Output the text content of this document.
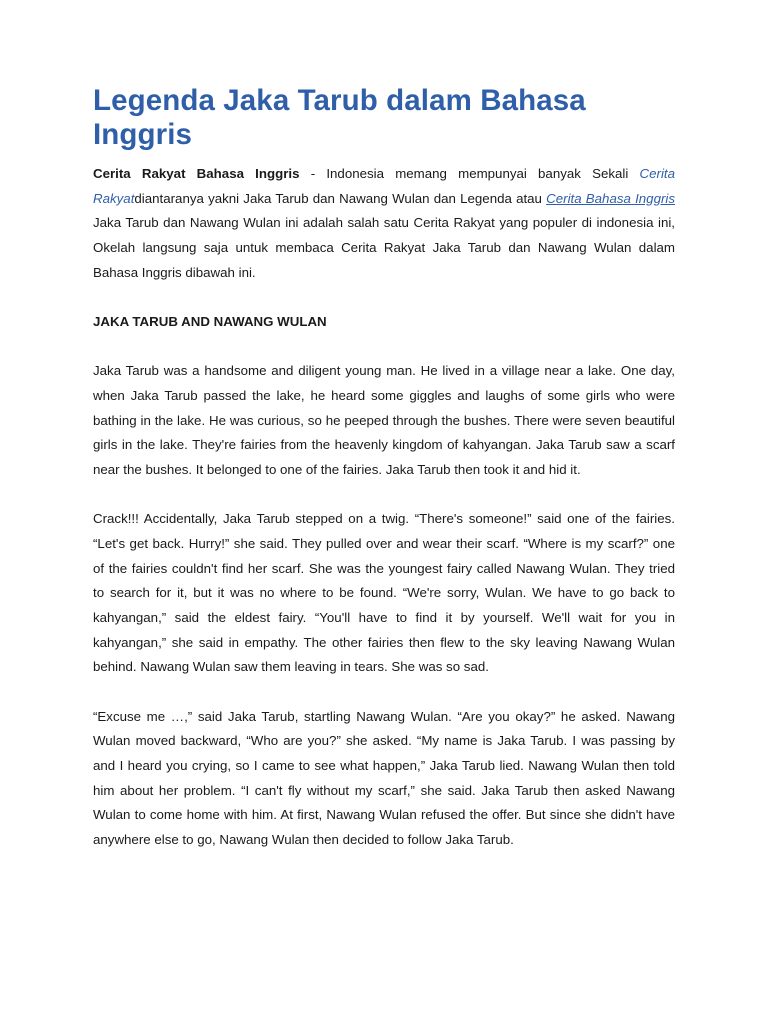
Legenda Jaka Tarub dalam Bahasa Inggris

Cerita Rakyat Bahasa Inggris - Indonesia memang mempunyai banyak Sekali Cerita Rakyatdiantaranya yakni Jaka Tarub dan Nawang Wulan dan Legenda atau Cerita Bahasa Inggris Jaka Tarub dan Nawang Wulan ini adalah salah satu Cerita Rakyat yang populer di indonesia ini, Okelah langsung saja untuk membaca Cerita Rakyat Jaka Tarub dan Nawang Wulan dalam Bahasa Inggris dibawah ini.

JAKA TARUB AND NAWANG WULAN

Jaka Tarub was a handsome and diligent young man. He lived in a village near a lake. One day, when Jaka Tarub passed the lake, he heard some giggles and laughs of some girls who were bathing in the lake. He was curious, so he peeped through the bushes. There were seven beautiful girls in the lake. They're fairies from the heavenly kingdom of kahyangan. Jaka Tarub saw a scarf near the bushes. It belonged to one of the fairies. Jaka Tarub then took it and hid it.

Crack!!! Accidentally, Jaka Tarub stepped on a twig. “There's someone!” said one of the fairies. “Let's get back. Hurry!” she said. They pulled over and wear their scarf. “Where is my scarf?” one of the fairies couldn't find her scarf. She was the youngest fairy called Nawang Wulan. They tried to search for it, but it was no where to be found. “We're sorry, Wulan. We have to go back to kahyangan,” said the eldest fairy. “You'll have to find it by yourself. We'll wait for you in kahyangan,” she said in empathy. The other fairies then flew to the sky leaving Nawang Wulan behind. Nawang Wulan saw them leaving in tears. She was so sad.

“Excuse me …,” said Jaka Tarub, startling Nawang Wulan. “Are you okay?” he asked. Nawang Wulan moved backward, “Who are you?” she asked. “My name is Jaka Tarub. I was passing by and I heard you crying, so I came to see what happen,” Jaka Tarub lied. Nawang Wulan then told him about her problem. “I can't fly without my scarf,” she said. Jaka Tarub then asked Nawang Wulan to come home with him. At first, Nawang Wulan refused the offer. But since she didn't have anywhere else to go, Nawang Wulan then decided to follow Jaka Tarub.
